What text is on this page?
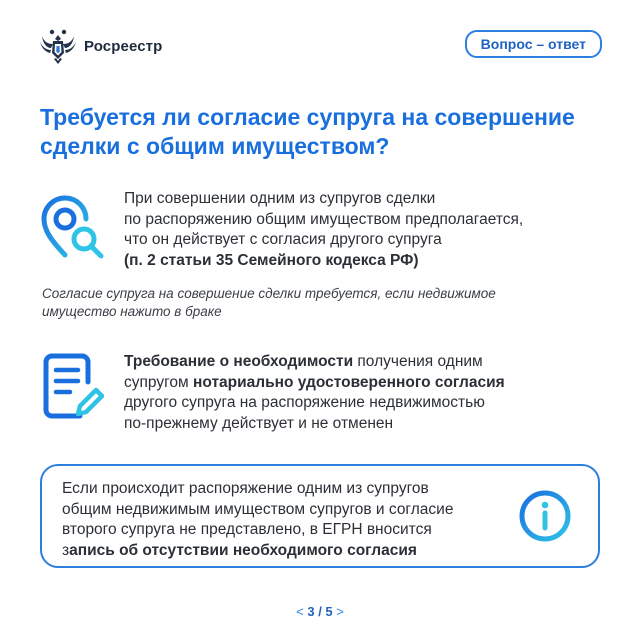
Росреестр	Вопрос – ответ
Требуется ли согласие супруга на совершение сделки с общим имуществом?
При совершении одним из супругов сделки
по распоряжению общим имуществом предполагается,
что он действует с согласия другого супруга
(п. 2 статьи 35 Семейного кодекса РФ)
Согласие супруга на совершение сделки требуется, если недвижимое
имущество нажито в браке
Требование о необходимости получения одним
супругом нотариально удостоверенного согласия
другого супруга на распоряжение недвижимостью
по-прежнему действует и не отменен
Если происходит распоряжение одним из супругов
общим недвижимым имуществом супругов и согласие
второго супруга не представлено, в ЕГРН вносится
запись об отсутствии необходимого согласия
< 3 / 5 >
